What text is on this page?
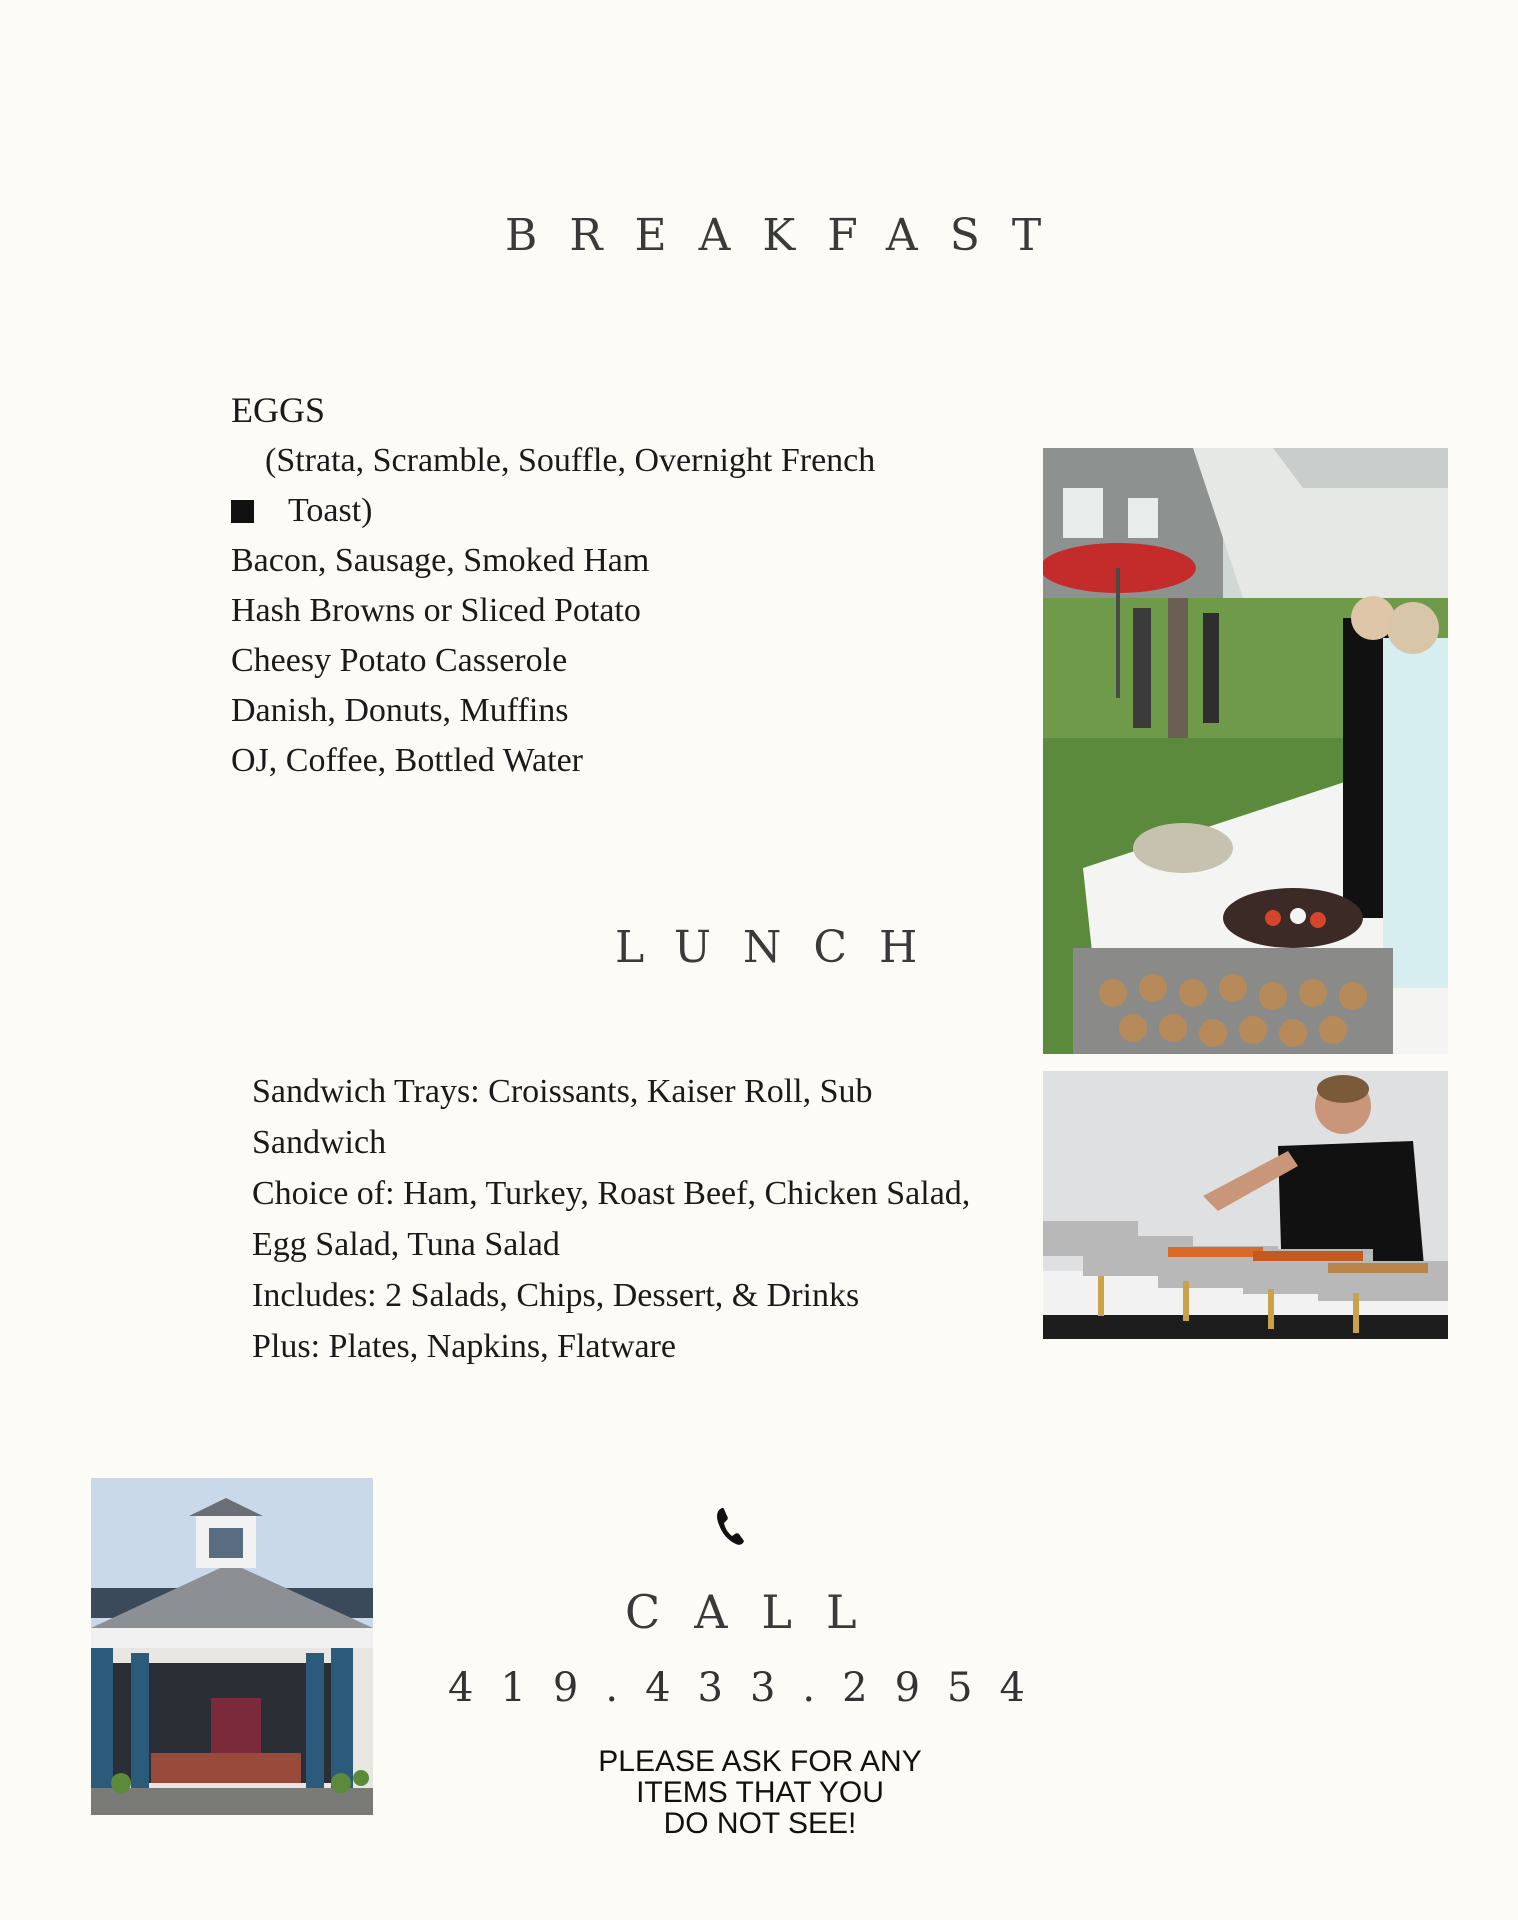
BREAKFAST
EGGS
(Strata, Scramble, Souffle, Overnight French
Toast)
Bacon, Sausage, Smoked Ham
Hash Browns or Sliced Potato
Cheesy Potato Casserole
Danish, Donuts, Muffins
OJ, Coffee, Bottled Water
LUNCH
Sandwich Trays: Croissants, Kaiser Roll, Sub Sandwich
Choice of: Ham, Turkey, Roast Beef, Chicken Salad, Egg Salad, Tuna Salad
Includes: 2 Salads, Chips, Dessert, & Drinks
Plus: Plates, Napkins, Flatware
CALL
419.433.2954
PLEASE ASK FOR ANY
ITEMS THAT YOU
DO NOT SEE!
